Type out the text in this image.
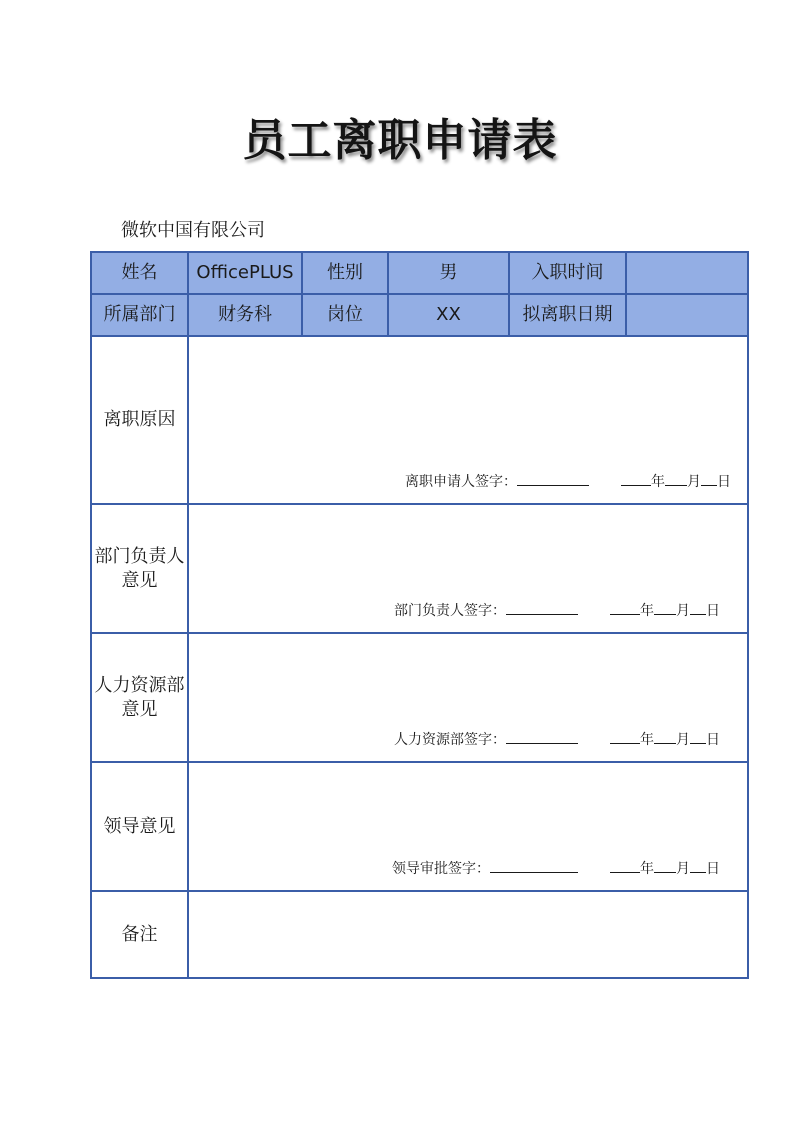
员工离职申请表
微软中国有限公司
姓名	OfficePLUS	性别	男	入职时间	
所属部门	财务科	岗位	XX	拟离职日期	
离职原因	离职申请人签字： 年 月 日				

部门负责人意见	部门负责人签字： 年 月 日				

人力资源部意见	人力资源部签字： 年 月 日				

领导意见	领导审批签字： 年 月 日				

备注					
